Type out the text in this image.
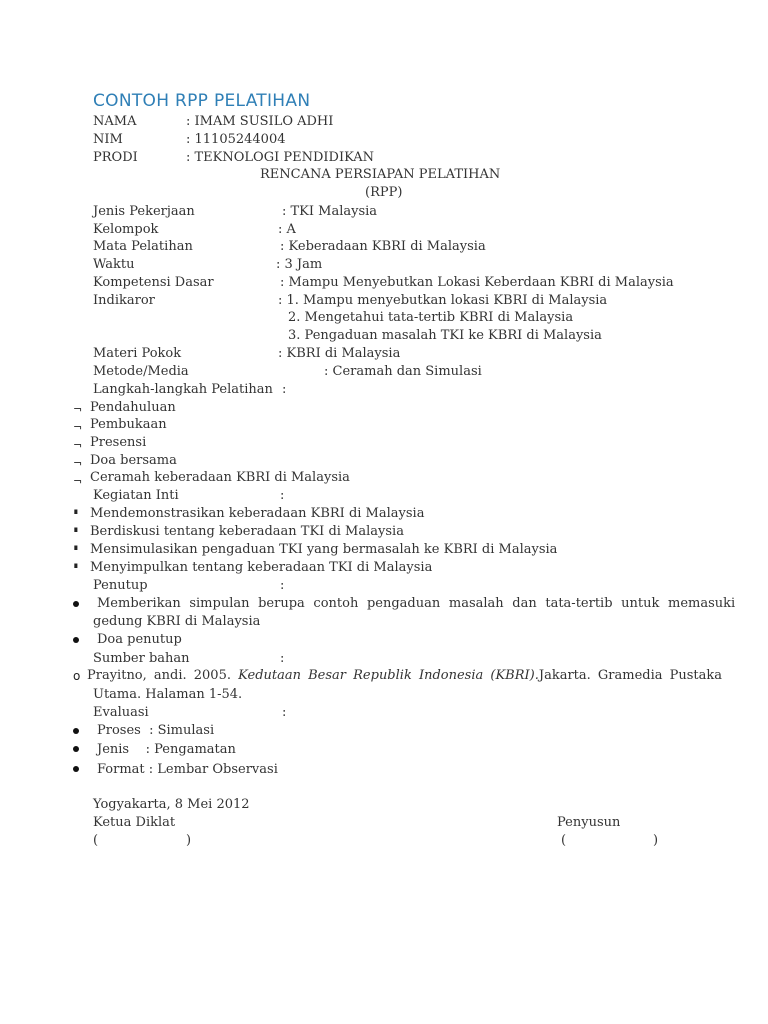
CONTOH RPP PELATIHAN
NAMA	: IMAM SUSILO ADHI
NIM	: 11105244004
PRODI	: TEKNOLOGI PENDIDIKAN
RENCANA PERSIAPAN PELATIHAN
(RPP)
Jenis Pekerjaan	: TKI Malaysia
Kelompok	: A
Mata Pelatihan	: Keberadaan KBRI di Malaysia
Waktu	: 3 Jam
Kompetensi Dasar	: Mampu Menyebutkan Lokasi Keberdaan KBRI di Malaysia
Indikaror	: 1. Mampu menyebutkan lokasi KBRI di Malaysia
2. Mengetahui tata-tertib KBRI di Malaysia
3. Pengaduan masalah TKI ke KBRI di Malaysia
Materi Pokok	: KBRI di Malaysia
Metode/Media	: Ceramah dan Simulasi
Langkah-langkah Pelatihan :
¬ Pendahuluan
¬ Pembukaan
¬ Presensi
¬ Doa bersama
¬ Ceramah keberadaan KBRI di Malaysia
Kegiatan Inti	:
∎ Mendemonstrasikan keberadaan KBRI di Malaysia
∎ Berdiskusi tentang keberadaan TKI di Malaysia
∎ Mensimulasikan pengaduan TKI yang bermasalah ke KBRI di Malaysia
∎ Menyimpulkan tentang keberadaan TKI di Malaysia
Penutup	:
Memberikan simpulan berupa contoh pengaduan masalah dan tata-tertib untuk memasuki
gedung KBRI di Malaysia
Doa penutup
Sumber bahan	:
o Prayitno, andi. 2005. Kedutaan Besar Republik Indonesia (KBRI).Jakarta. Gramedia Pustaka
Utama. Halaman 1-54.
Evaluasi	:
Proses  : Simulasi
Jenis    : Pengamatan
Format : Lembar Observasi
Yogyakarta, 8 Mei 2012
Ketua Diklat	Penyusun
(	)	(	)
